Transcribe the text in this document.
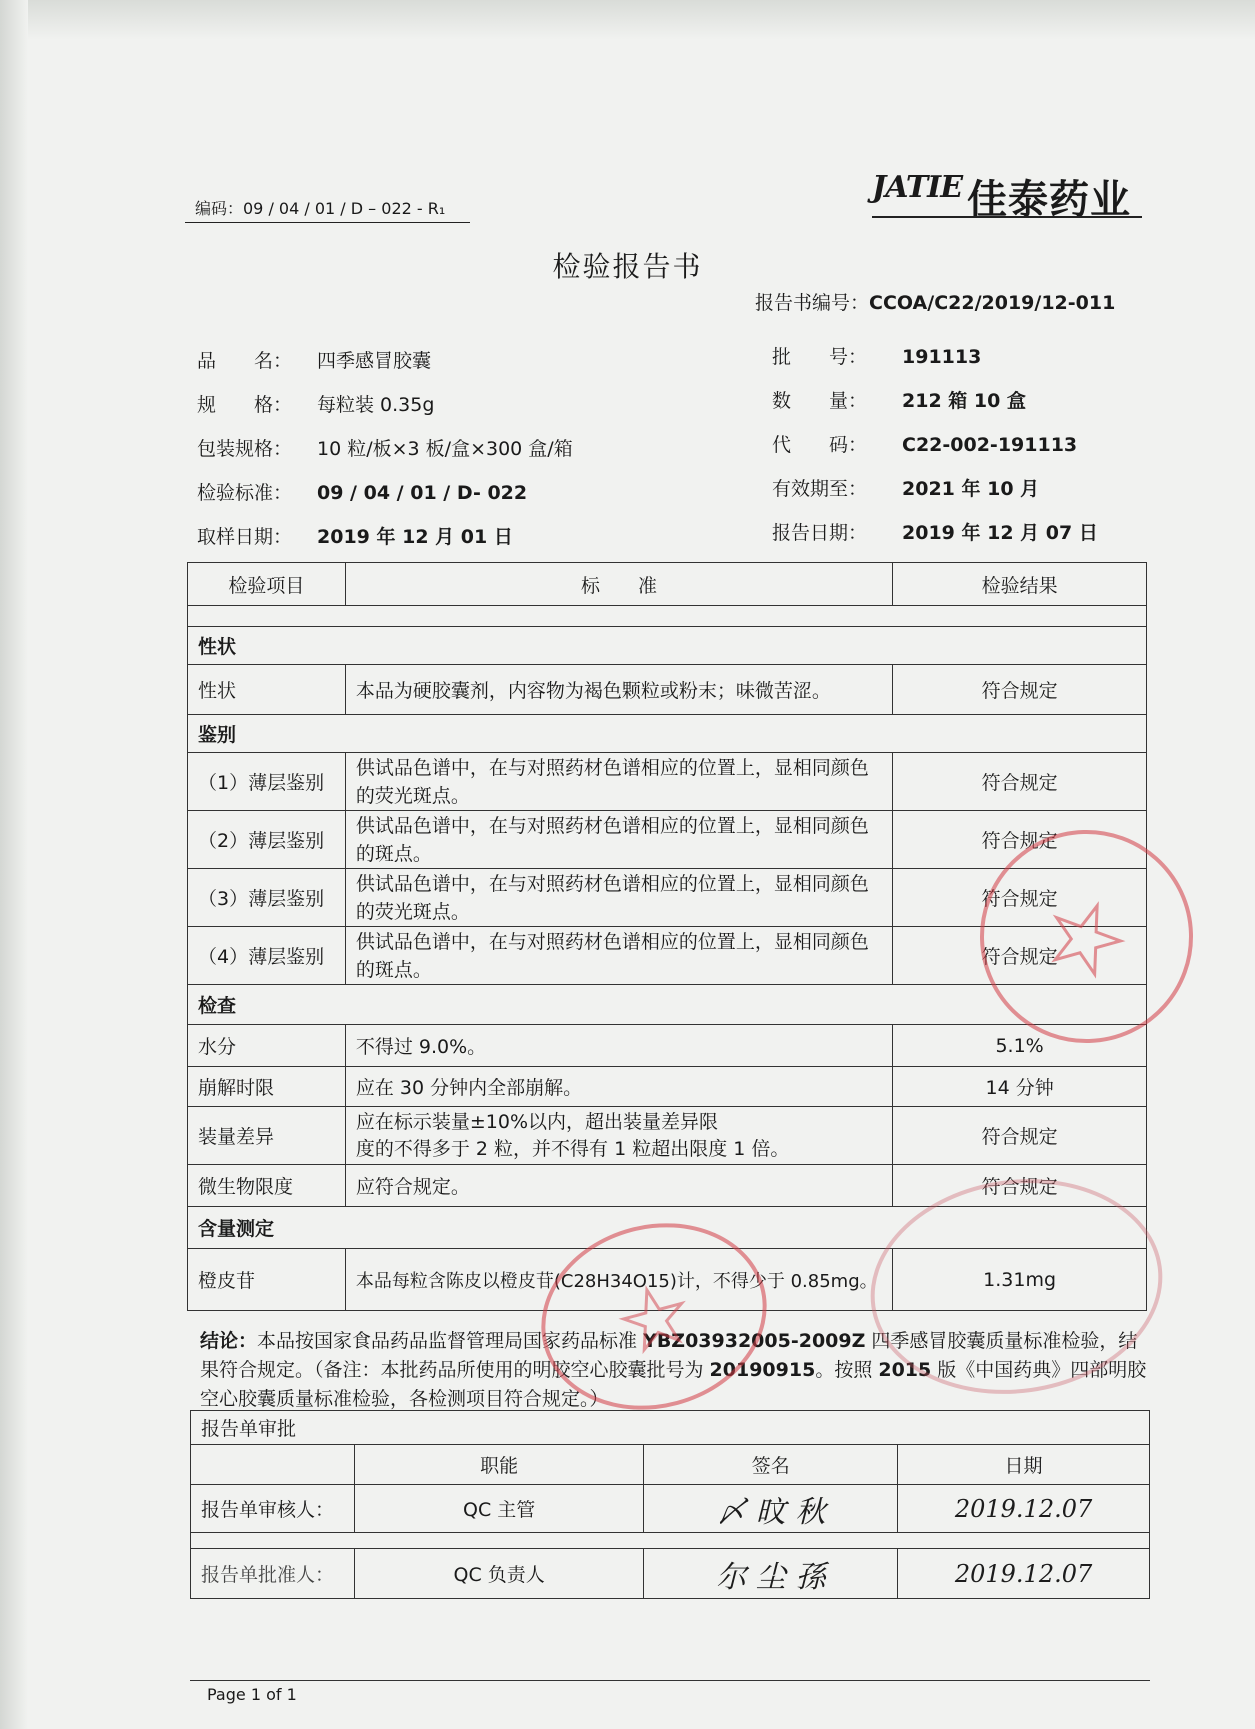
编码：09 / 04 / 01 / D – 022 - R₁
JATIE 佳泰药业
检验报告书
报告书编号：CCOA/C22/2019/12-011
品　　名： 四季感冒胶囊
规　　格： 每粒装 0.35g
包装规格： 10 粒/板×3 板/盒×300 盒/箱
检验标准： 09 / 04 / 01 / D- 022
取样日期： 2019 年 12 月 01 日
批　　号： 191113
数　　量： 212 箱 10 盒
代　　码： C22-002-191113
有效期至： 2021 年 10 月
报告日期： 2019 年 12 月 07 日
检验项目	标　　准	检验结果

性状		
性状	本品为硬胶囊剂，内容物为褐色颗粒或粉末；味微苦涩。	符合规定
鉴别		
（1）薄层鉴别	供试品色谱中，在与对照药材色谱相应的位置上，显相同颜色的荧光斑点。	符合规定
（2）薄层鉴别	供试品色谱中，在与对照药材色谱相应的位置上，显相同颜色的斑点。	符合规定
（3）薄层鉴别	供试品色谱中，在与对照药材色谱相应的位置上，显相同颜色的荧光斑点。	符合规定
（4）薄层鉴别	供试品色谱中，在与对照药材色谱相应的位置上，显相同颜色的斑点。	符合规定
检查		
水分	不得过 9.0%。	5.1%
崩解时限	应在 30 分钟内全部崩解。	14 分钟
装量差异	应在标示装量±10%以内，超出装量差异限
度的不得多于 2 粒，并不得有 1 粒超出限度 1 倍。	符合规定
微生物限度	应符合规定。	符合规定
含量测定		
橙皮苷	本品每粒含陈皮以橙皮苷(C28H34O15)计，不得少于 0.85mg。	1.31mg
结论：本品按国家食品药品监督管理局国家药品标准 YBZ03932005-2009Z 四季感冒胶囊质量标准检验，结果符合规定。（备注：本批药品所使用的明胶空心胶囊批号为 20190915。按照 2015 版《中国药典》四部明胶空心胶囊质量标准检验，各检测项目符合规定。）
报告单审批			
	职能	签名	日期
报告单审核人：	QC 主管	〆 旼 秋	2019.12.07

报告单批准人：	QC 负责人	尔 尘 孫	2019.12.07
Page 1 of 1
